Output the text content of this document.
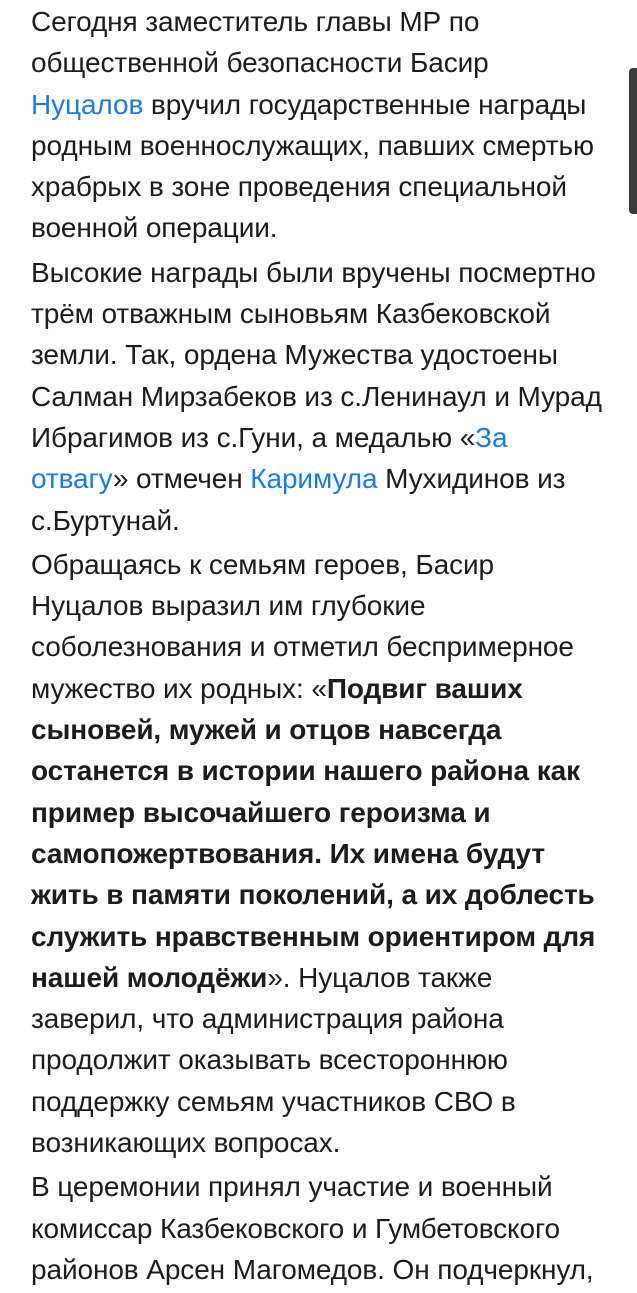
Сегодня заместитель главы МР по
общественной безопасности Басир
Нуцалов вручил государственные награды
родным военнослужащих, павших смертью
храбрых в зоне проведения специальной
военной операции.

Высокие награды были вручены посмертно
трём отважным сыновьям Казбековской
земли. Так, ордена Мужества удостоены
Салман Мирзабеков из с.Ленинаул и Мурад
Ибрагимов из с.Гуни, а медалью «За
отвагу» отмечен Каримула Мухидинов из
с.Буртунай.

Обращаясь к семьям героев, Басир
Нуцалов выразил им глубокие
соболезнования и отметил беспримерное
мужество их родных: «Подвиг ваших
сыновей, мужей и отцов навсегда
останется в истории нашего района как
пример высочайшего героизма и
самопожертвования. Их имена будут
жить в памяти поколений, а их доблесть
служить нравственным ориентиром для
нашей молодёжи». Нуцалов также
заверил, что администрация района
продолжит оказывать всестороннюю
поддержку семьям участников СВО в
возникающих вопросах.

В церемонии принял участие и военный
комиссар Казбековского и Гумбетовского
районов Арсен Магомедов. Он подчеркнул,
